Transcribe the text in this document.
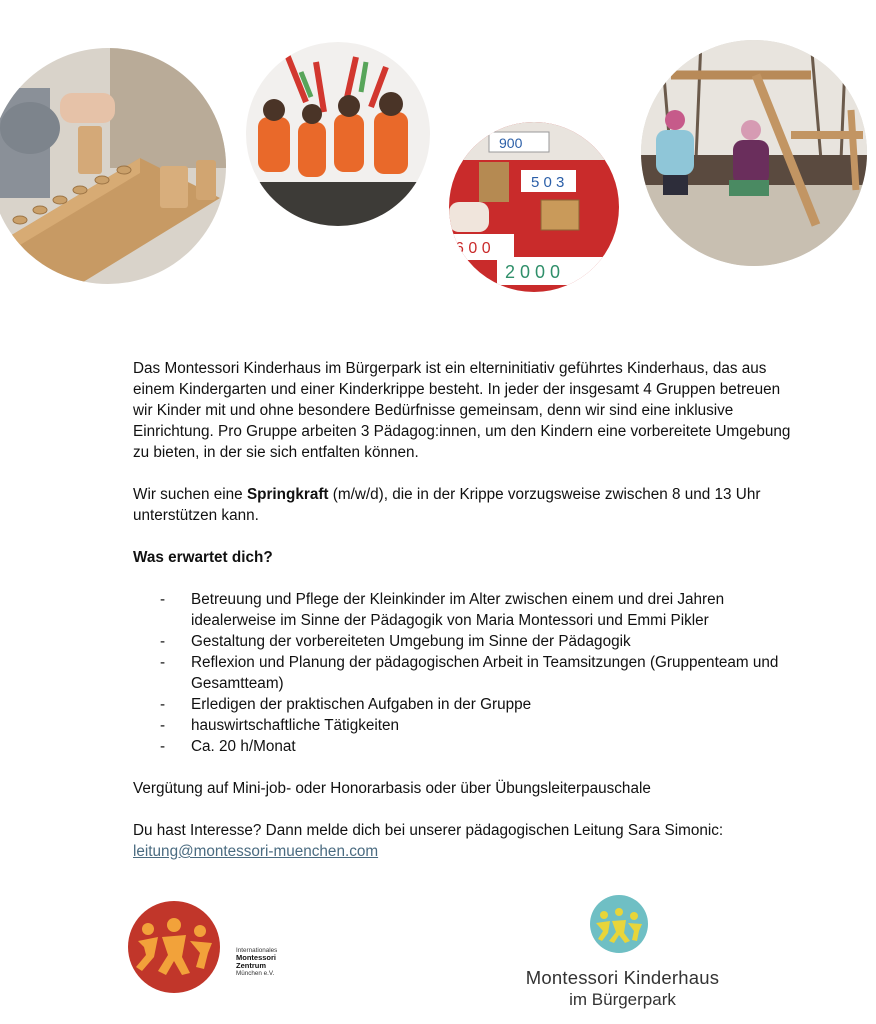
900
5 0 3
6 0 0
2 0 0 0

Das Montessori Kinderhaus im Bürgerpark ist ein elterninitiativ geführtes Kinderhaus, das aus einem Kindergarten und einer Kinderkrippe besteht. In jeder der insgesamt 4 Gruppen betreuen wir Kinder mit und ohne besondere Bedürfnisse gemeinsam, denn wir sind eine inklusive Einrichtung. Pro Gruppe arbeiten 3 Pädagog:innen, um den Kindern eine vorbereitete Umgebung zu bieten, in der sie sich entfalten können.

Wir suchen eine Springkraft (m/w/d), die in der Krippe vorzugsweise zwischen 8 und 13 Uhr unterstützen kann.

Was erwartet dich?

- Betreuung und Pflege der Kleinkinder im Alter zwischen einem und drei Jahren idealerweise im Sinne der Pädagogik von Maria Montessori und Emmi Pikler
- Gestaltung der vorbereiteten Umgebung im Sinne der Pädagogik
- Reflexion und Planung der pädagogischen Arbeit in Teamsitzungen (Gruppenteam und Gesamtteam)
- Erledigen der praktischen Aufgaben in der Gruppe
- hauswirtschaftliche Tätigkeiten
- Ca. 20 h/Monat

Vergütung auf Mini-job- oder Honorarbasis oder über Übungsleiterpauschale

Du hast Interesse? Dann melde dich bei unserer pädagogischen Leitung Sara Simonic:
leitung@montessori-muenchen.com

Internationales
Montessori
Zentrum
München e.V.	Montessori Kinderhaus
im Bürgerpark
